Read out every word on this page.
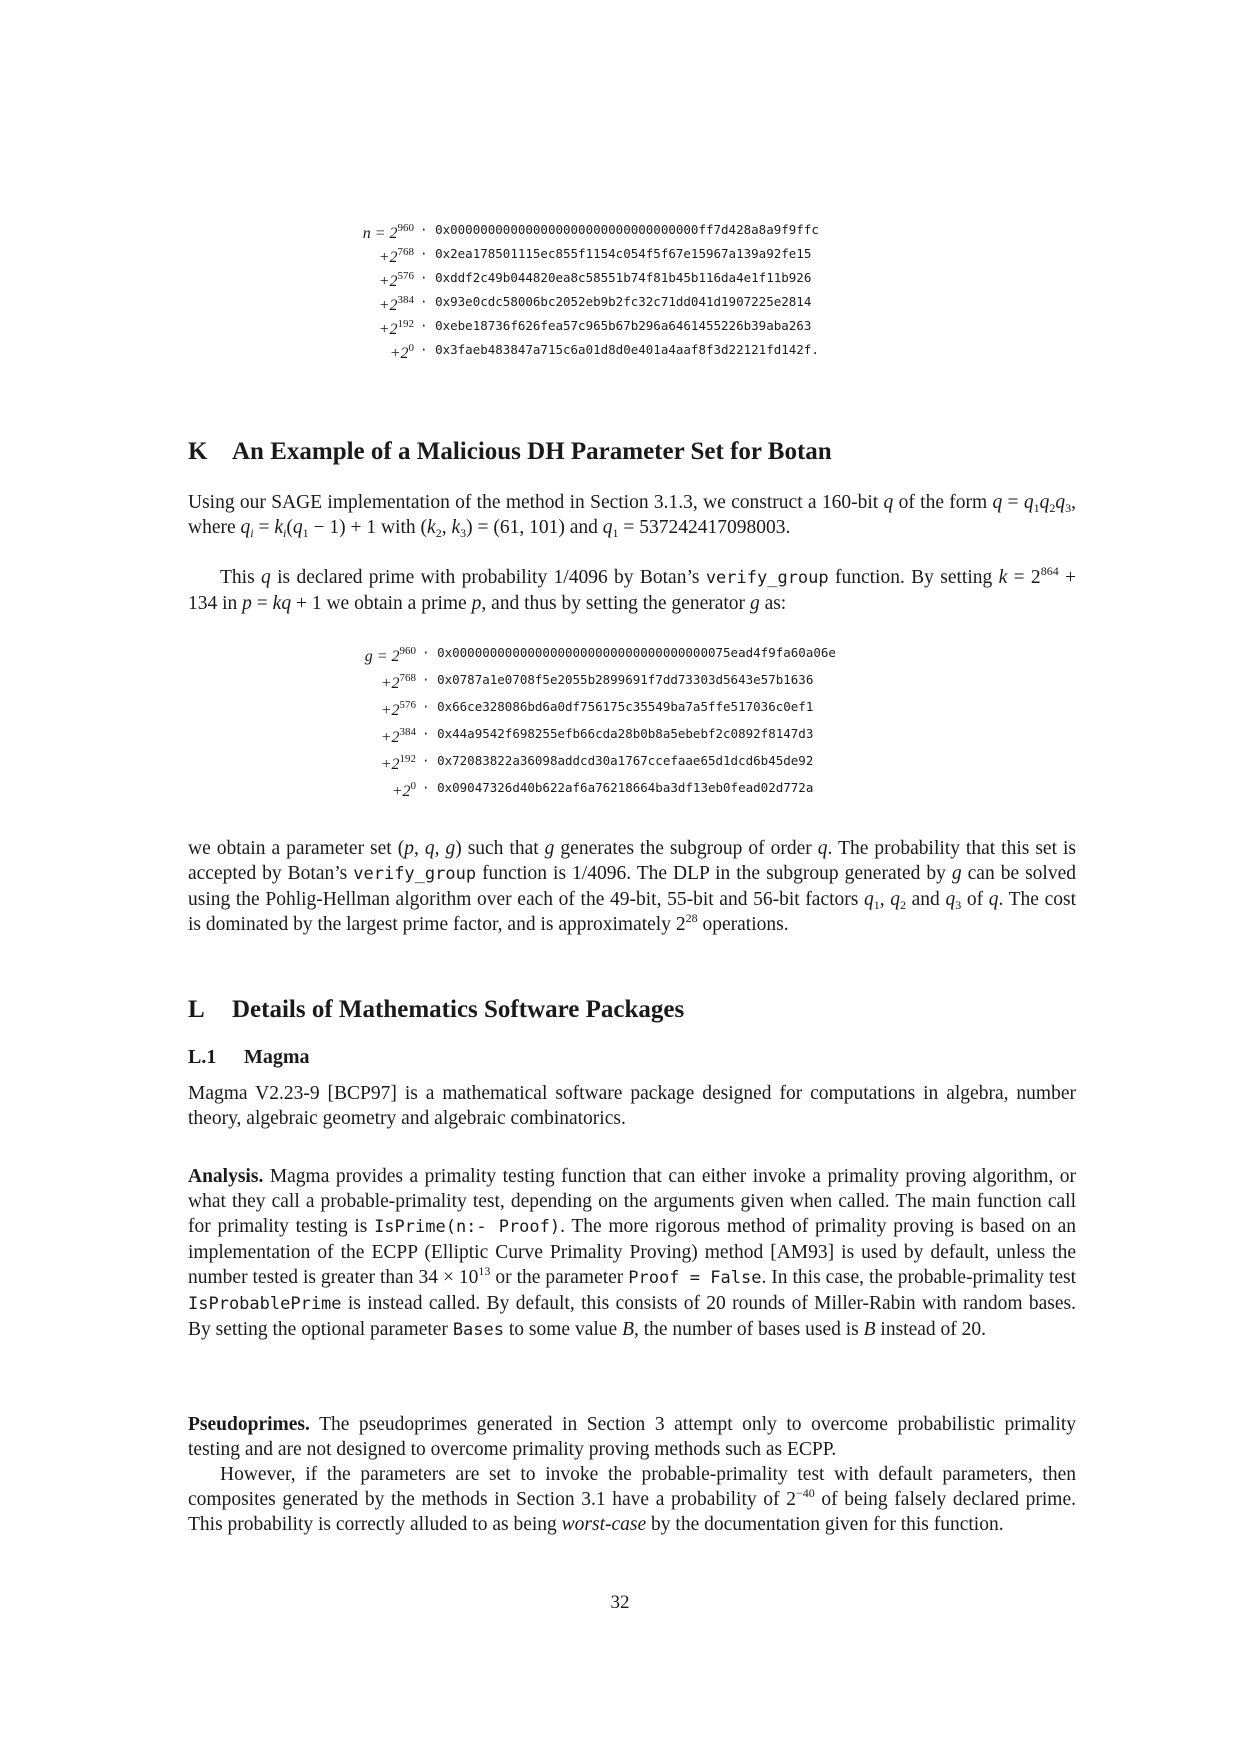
$n = 2^{960} \cdot 0x000000000000000000000000000000000ff7d428a8a9f9ffc$
$+2^{768} \cdot 0x2ea178501115ec855f1154c054f5f67e15967a139a92fe15$
$+2^{576}$ · 0xddf2c49b044820ea8c58551b74f81b45b116da4e1f11b926
$+2^{384} \cdot 0x93e0cdc58006bc2052eb9b2fc32c71dd041d1907225e2814$
$+2^{192}$ · 0xebe18736f626fea57c965b67b296a6461455226b39aba263
$+2^0$ · 0x3faeb483847a715c6a01d8d0e401a4aaf8f3d22121fd142f.
K An Example of a Malicious DH Parameter Set for Botan

Using our SAGE implementation of the method in Section 3.1.3, we construct a 160-bit q of the form $q = q_1q_2q_3$, where $q_i = k_i(q_1 - 1) + 1$ with ($k_2$, $k_3) = (61$, 101) and $q_1 = 537242417098003$.

This q is declared prime with probability 1/4096 by Botan’s verify_group function. By setting $k = 2^{864} + 134$ in p = kq + 1 we obtain a prime p, and thus by setting the generator g as:

$g = 2^{960} \cdot 0x0000000000000000000000000000000000075ead4f9fa60a06e$
$+2^{768} \cdot 0x0787a1e0708f5e2055b2899691f7dd73303d5643e57b1636$
$+2^{576} \cdot 0x66ce328086bd6a0df756175c35549ba7a5ffe517036c0ef1$
$+2^{384}$ · 0x44a9542f698255efb66cda28b0b8a5ebebf2c0892f8147d3
$+2^{192}$ · 0x72083822a36098addcd30a1767ccefaae65d1dcd6b45de92
$+2^0$ · 0x09047326d40b622af6a76218664ba3df13eb0fead02d772a

we obtain a parameter set (p, q, g) such that g generates the subgroup of order q. The probability that this set is accepted by Botan’s verify_group function is 1/4096. The DLP in the subgroup generated by g can be solved using the Pohlig-Hellman algorithm over each of the 49-bit, 55-bit and 56-bit factors $q_1$, $q_2$ and $q_3$ of q. The cost is dominated by the largest prime factor, and is approximately $2^{28}$ operations.

L Details of Mathematics Software Packages
L.1 Magma

Magma V2.23-9 [BCP97] is a mathematical software package designed for computations in algebra, number theory, algebraic geometry and algebraic combinatorics.

Analysis. Magma provides a primality testing function that can either invoke a primality proving algorithm, or what they call a probable-primality test, depending on the arguments given when called. The main function call for primality testing is IsPrime(n:- Proof). The more rigorous method of primality proving is based on an implementation of the ECPP (Elliptic Curve Primality Proving) method [AM93] is used by default, unless the number tested is greater than $34 \times 10^{13}$ or the parameter Proof = False. In this case, the probable-primality test IsProbablePrime is instead called. By default, this consists of 20 rounds of Miller-Rabin with random bases. By setting the optional parameter Bases to some value B, the number of bases used is B instead of 20.

Pseudoprimes. The pseudoprimes generated in Section 3 attempt only to overcome probabilistic primality testing and are not designed to overcome primality proving methods such as ECPP.

However, if the parameters are set to invoke the probable-primality test with default parameters, then composites generated by the methods in Section 3.1 have a probability of $2^{-40}$ of being falsely declared prime. This probability is correctly alluded to as being worst-case by the documentation given for this function.

32
